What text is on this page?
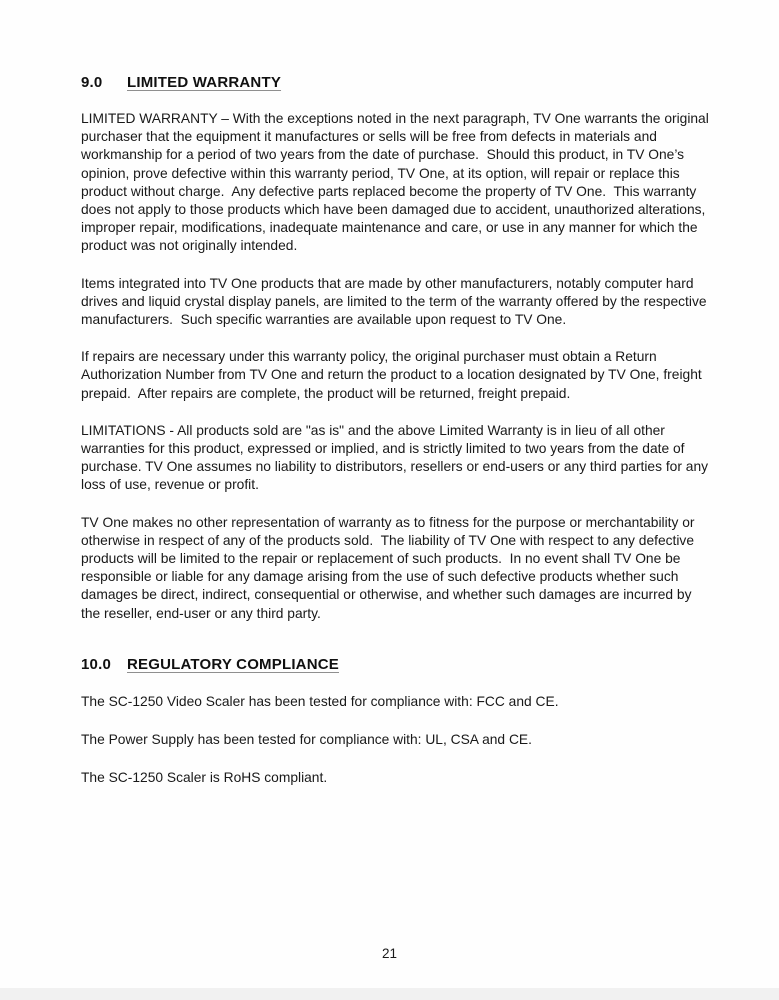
9.0 LIMITED WARRANTY

LIMITED WARRANTY – With the exceptions noted in the next paragraph, TV One warrants the original purchaser that the equipment it manufactures or sells will be free from defects in materials and workmanship for a period of two years from the date of purchase.  Should this product, in TV One’s opinion, prove defective within this warranty period, TV One, at its option, will repair or replace this product without charge.  Any defective parts replaced become the property of TV One.  This warranty does not apply to those products which have been damaged due to accident, unauthorized alterations, improper repair, modifications, inadequate maintenance and care, or use in any manner for which the product was not originally intended.

Items integrated into TV One products that are made by other manufacturers, notably computer hard drives and liquid crystal display panels, are limited to the term of the warranty offered by the respective manufacturers.  Such specific warranties are available upon request to TV One.

If repairs are necessary under this warranty policy, the original purchaser must obtain a Return Authorization Number from TV One and return the product to a location designated by TV One, freight prepaid.  After repairs are complete, the product will be returned, freight prepaid.

LIMITATIONS - All products sold are "as is" and the above Limited Warranty is in lieu of all other warranties for this product, expressed or implied, and is strictly limited to two years from the date of purchase. TV One assumes no liability to distributors, resellers or end-users or any third parties for any loss of use, revenue or profit.

TV One makes no other representation of warranty as to fitness for the purpose or merchantability or otherwise in respect of any of the products sold.  The liability of TV One with respect to any defective products will be limited to the repair or replacement of such products.  In no event shall TV One be responsible or liable for any damage arising from the use of such defective products whether such damages be direct, indirect, consequential or otherwise, and whether such damages are incurred by the reseller, end-user or any third party.

10.0 REGULATORY COMPLIANCE

The SC-1250 Video Scaler has been tested for compliance with: FCC and CE.

The Power Supply has been tested for compliance with: UL, CSA and CE.

The SC-1250 Scaler is RoHS compliant.

21
